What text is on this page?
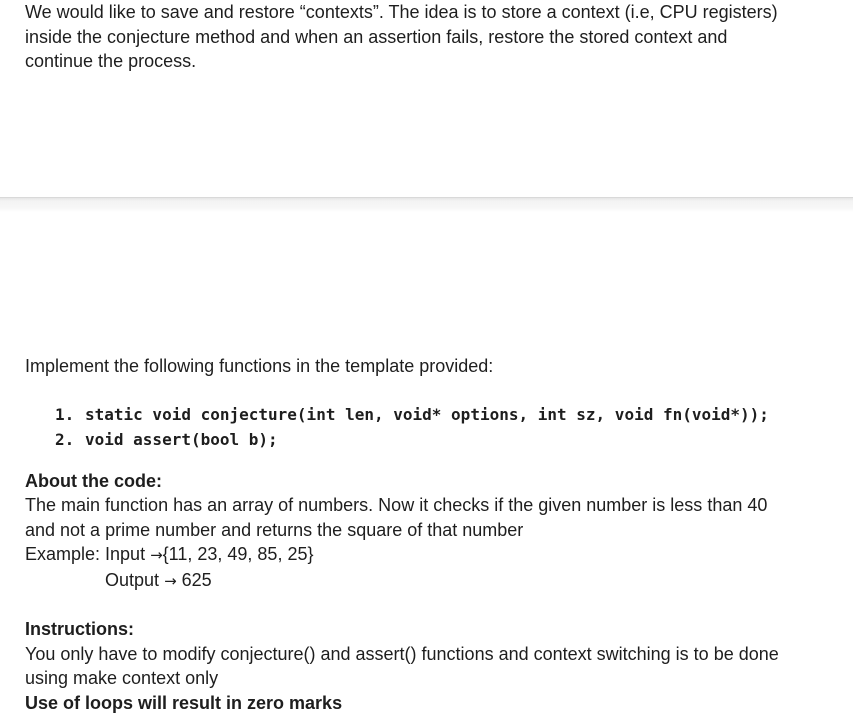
We would like to save and restore “contexts”. The idea is to store a context (i.e, CPU registers)

inside the conjecture method and when an assertion fails, restore the stored context and

continue the process.

Implement the following functions in the template provided:

1. static void conjecture(int len, void* options, int sz, void fn(void*));
2. void assert(bool b);

About the code:

The main function has an array of numbers. Now it checks if the given number is less than 40

and not a prime number and returns the square of that number

Example: Input →{11, 23, 49, 85, 25}

Output → 625

Instructions:

You only have to modify conjecture() and assert() functions and context switching is to be done

using make context only

Use of loops will result in zero marks
